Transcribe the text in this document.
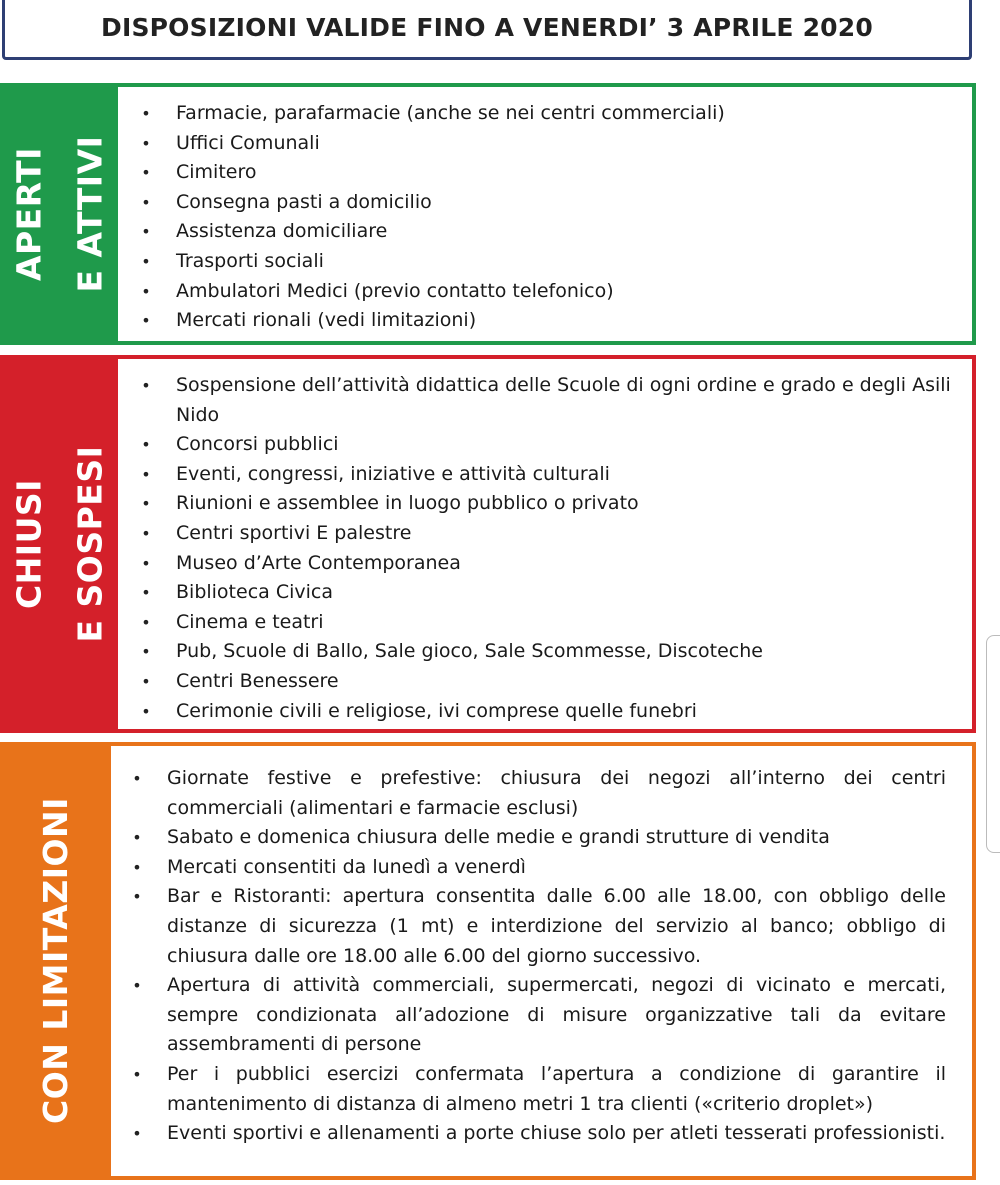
DISPOSIZIONI VALIDE FINO A VENERDI’ 3 APRILE 2020
APERTI E ATTIVI
• Farmacie, parafarmacie (anche se nei centri commerciali)
• Uffici Comunali
• Cimitero
• Consegna pasti a domicilio
• Assistenza domiciliare
• Trasporti sociali
• Ambulatori Medici (previo contatto telefonico)
• Mercati rionali (vedi limitazioni)
CHIUSI E SOSPESI
• Sospensione dell’attività didattica delle Scuole di ogni ordine e grado e degli Asili Nido
• Concorsi pubblici
• Eventi, congressi, iniziative e attività culturali
• Riunioni e assemblee in luogo pubblico o privato
• Centri sportivi E palestre
• Museo d’Arte Contemporanea
• Biblioteca Civica
• Cinema e teatri
• Pub, Scuole di Ballo, Sale gioco, Sale Scommesse, Discoteche
• Centri Benessere
• Cerimonie civili e religiose, ivi comprese quelle funebri
CON LIMITAZIONI
• Giornate festive e prefestive: chiusura dei negozi all’interno dei centri commerciali (alimentari e farmacie esclusi)
• Sabato e domenica chiusura delle medie e grandi strutture di vendita
• Mercati consentiti da lunedì a venerdì
• Bar e Ristoranti: apertura consentita dalle 6.00 alle 18.00, con obbligo delle distanze di sicurezza (1 mt) e interdizione del servizio al banco; obbligo di chiusura dalle ore 18.00 alle 6.00 del giorno successivo.
• Apertura di attività commerciali, supermercati, negozi di vicinato e mercati, sempre condizionata all’adozione di misure organizzative tali da evitare assembramenti di persone
• Per i pubblici esercizi confermata l’apertura a condizione di garantire il mantenimento di distanza di almeno metri 1 tra clienti («criterio droplet»)
• Eventi sportivi e allenamenti a porte chiuse solo per atleti tesserati professionisti.
